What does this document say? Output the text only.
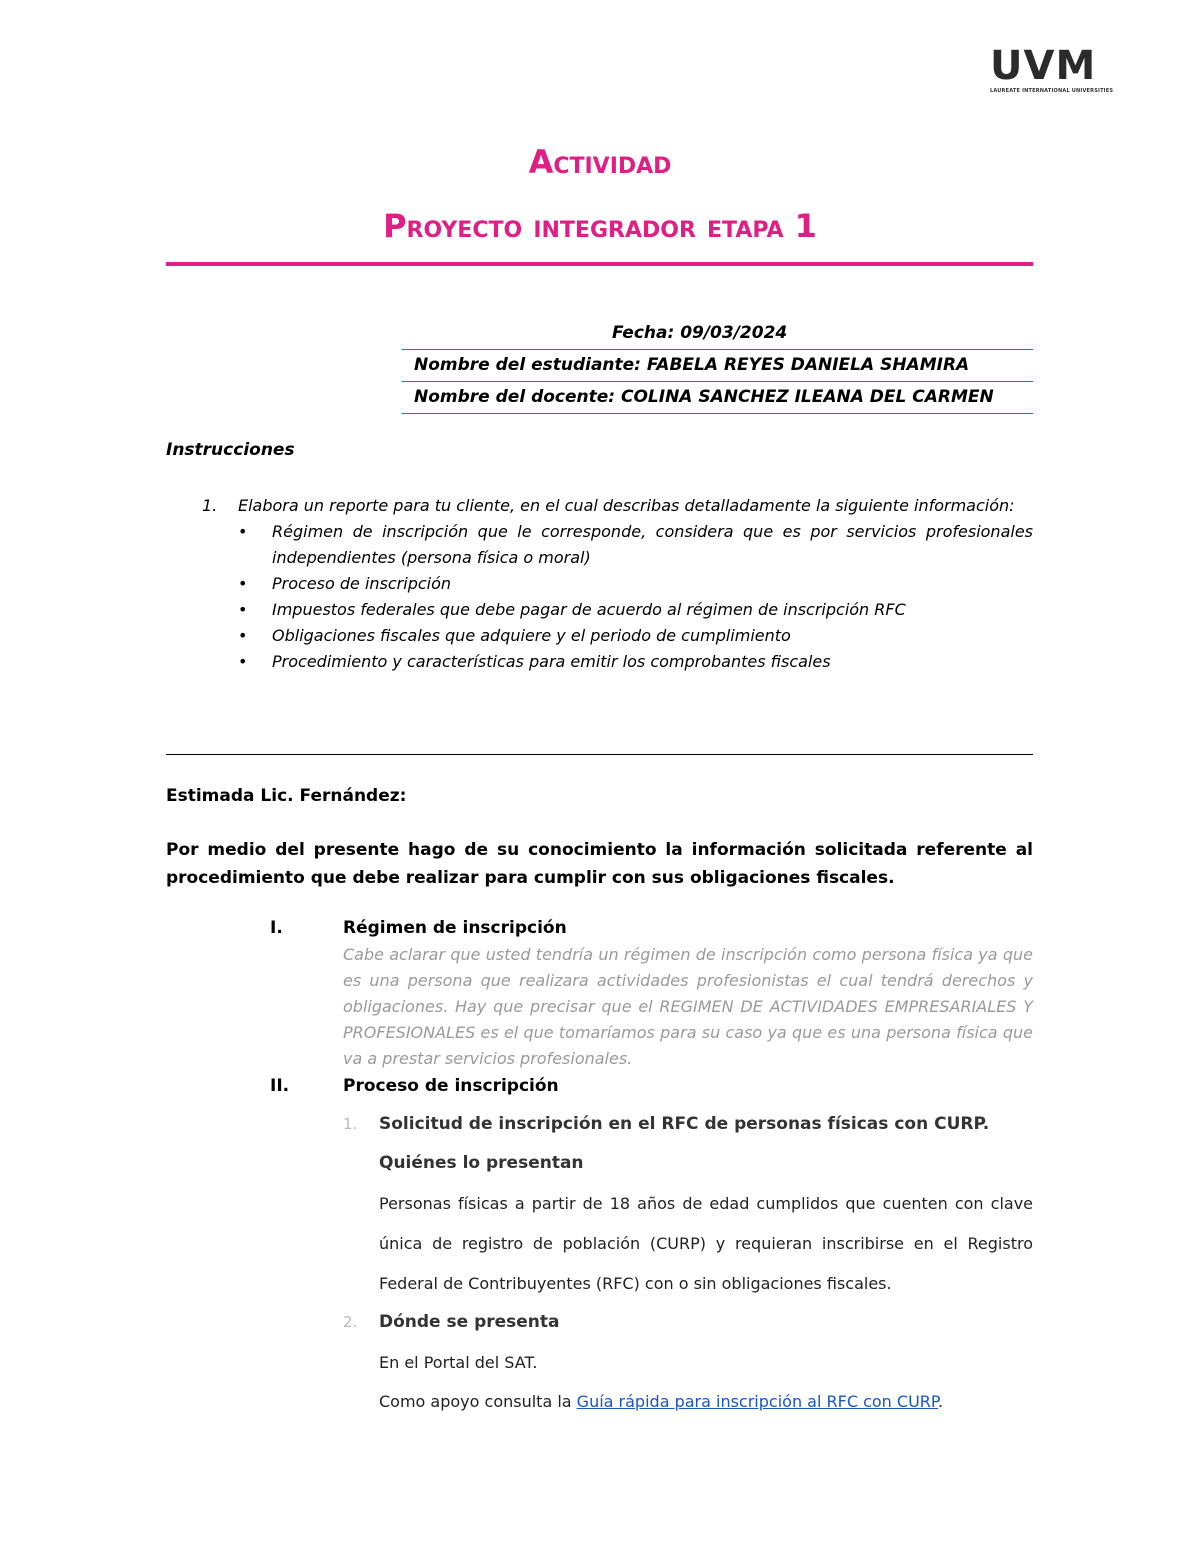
UVM
LAUREATE INTERNATIONAL UNIVERSITIES
Actividad
Proyecto integrador etapa 1
Fecha: 09/03/2024
Nombre del estudiante: FABELA REYES DANIELA SHAMIRA
Nombre del docente: COLINA SANCHEZ ILEANA DEL CARMEN
Instrucciones
1. Elabora un reporte para tu cliente, en el cual describas detalladamente la siguiente información:
• Régimen de inscripción que le corresponde, considera que es por servicios profesionales independientes (persona física o moral)
• Proceso de inscripción
• Impuestos federales que debe pagar de acuerdo al régimen de inscripción RFC
• Obligaciones fiscales que adquiere y el periodo de cumplimiento
• Procedimiento y características para emitir los comprobantes fiscales
Estimada Lic. Fernández:
Por medio del presente hago de su conocimiento la información solicitada referente al procedimiento que debe realizar para cumplir con sus obligaciones fiscales.
I.	Régimen de inscripción
Cabe aclarar que usted tendría un régimen de inscripción como persona física ya que es una persona que realizara actividades profesionistas el cual tendrá derechos y obligaciones. Hay que precisar que el REGIMEN DE ACTIVIDADES EMPRESARIALES Y PROFESIONALES es el que tomaríamos para su caso ya que es una persona física que va a prestar servicios profesionales.
II.	Proceso de inscripción
1. Solicitud de inscripción en el RFC de personas físicas con CURP.
Quiénes lo presentan
Personas físicas a partir de 18 años de edad cumplidos que cuenten con clave única de registro de población (CURP) y requieran inscribirse en el Registro Federal de Contribuyentes (RFC) con o sin obligaciones fiscales.
2. Dónde se presenta
En el Portal del SAT.
Como apoyo consulta la Guía rápida para inscripción al RFC con CURP.
